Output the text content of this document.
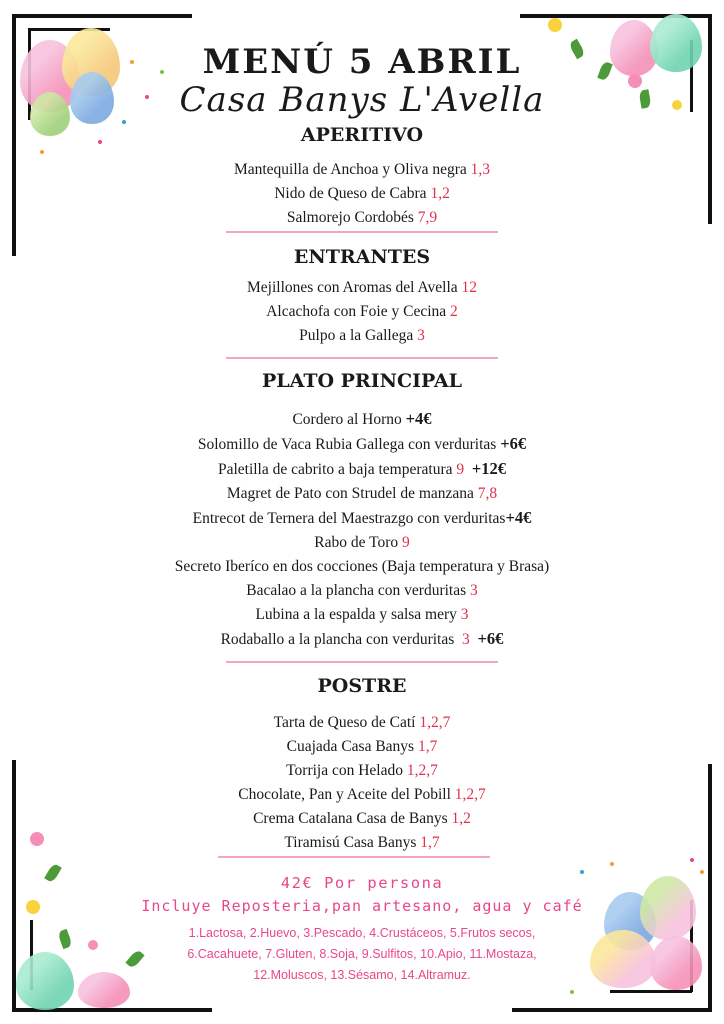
MENÚ 5 ABRIL
Casa Banys L'Avella
APERITIVO
Mantequilla de Anchoa y Oliva negra 1,3
Nido de Queso de Cabra 1,2
Salmorejo Cordobés 7,9
ENTRANTES
Mejillones con Aromas del Avella 12
Alcachofa con Foie y Cecina 2
Pulpo a la Gallega 3
PLATO PRINCIPAL
Cordero al Horno +4€
Solomillo de Vaca Rubia Gallega con verduritas +6€
Paletilla de cabrito a baja temperatura 9 +12€
Magret de Pato con Strudel de manzana 7,8
Entrecot de Ternera del Maestrazgo con verduritas+4€
Rabo de Toro 9
Secreto Iberíco en dos cocciones (Baja temperatura y Brasa)
Bacalao a la plancha con verduritas 3
Lubina a la espalda y salsa mery 3
Rodaballo a la plancha con verduritas 3 +6€
POSTRE
Tarta de Queso de Catí 1,2,7
Cuajada Casa Banys 1,7
Torrija con Helado 1,2,7
Chocolate, Pan y Aceite del Pobill 1,2,7
Crema Catalana Casa de Banys 1,2
Tiramisú Casa Banys 1,7
42€ Por persona
Incluye Reposteria,pan artesano, agua y café
1.Lactosa, 2.Huevo, 3.Pescado, 4.Crustáceos, 5.Frutos secos,
6.Cacahuete, 7.Gluten, 8.Soja, 9.Sulfitos, 10.Apio, 11.Mostaza,
12.Moluscos, 13.Sésamo, 14.Altramuz.
